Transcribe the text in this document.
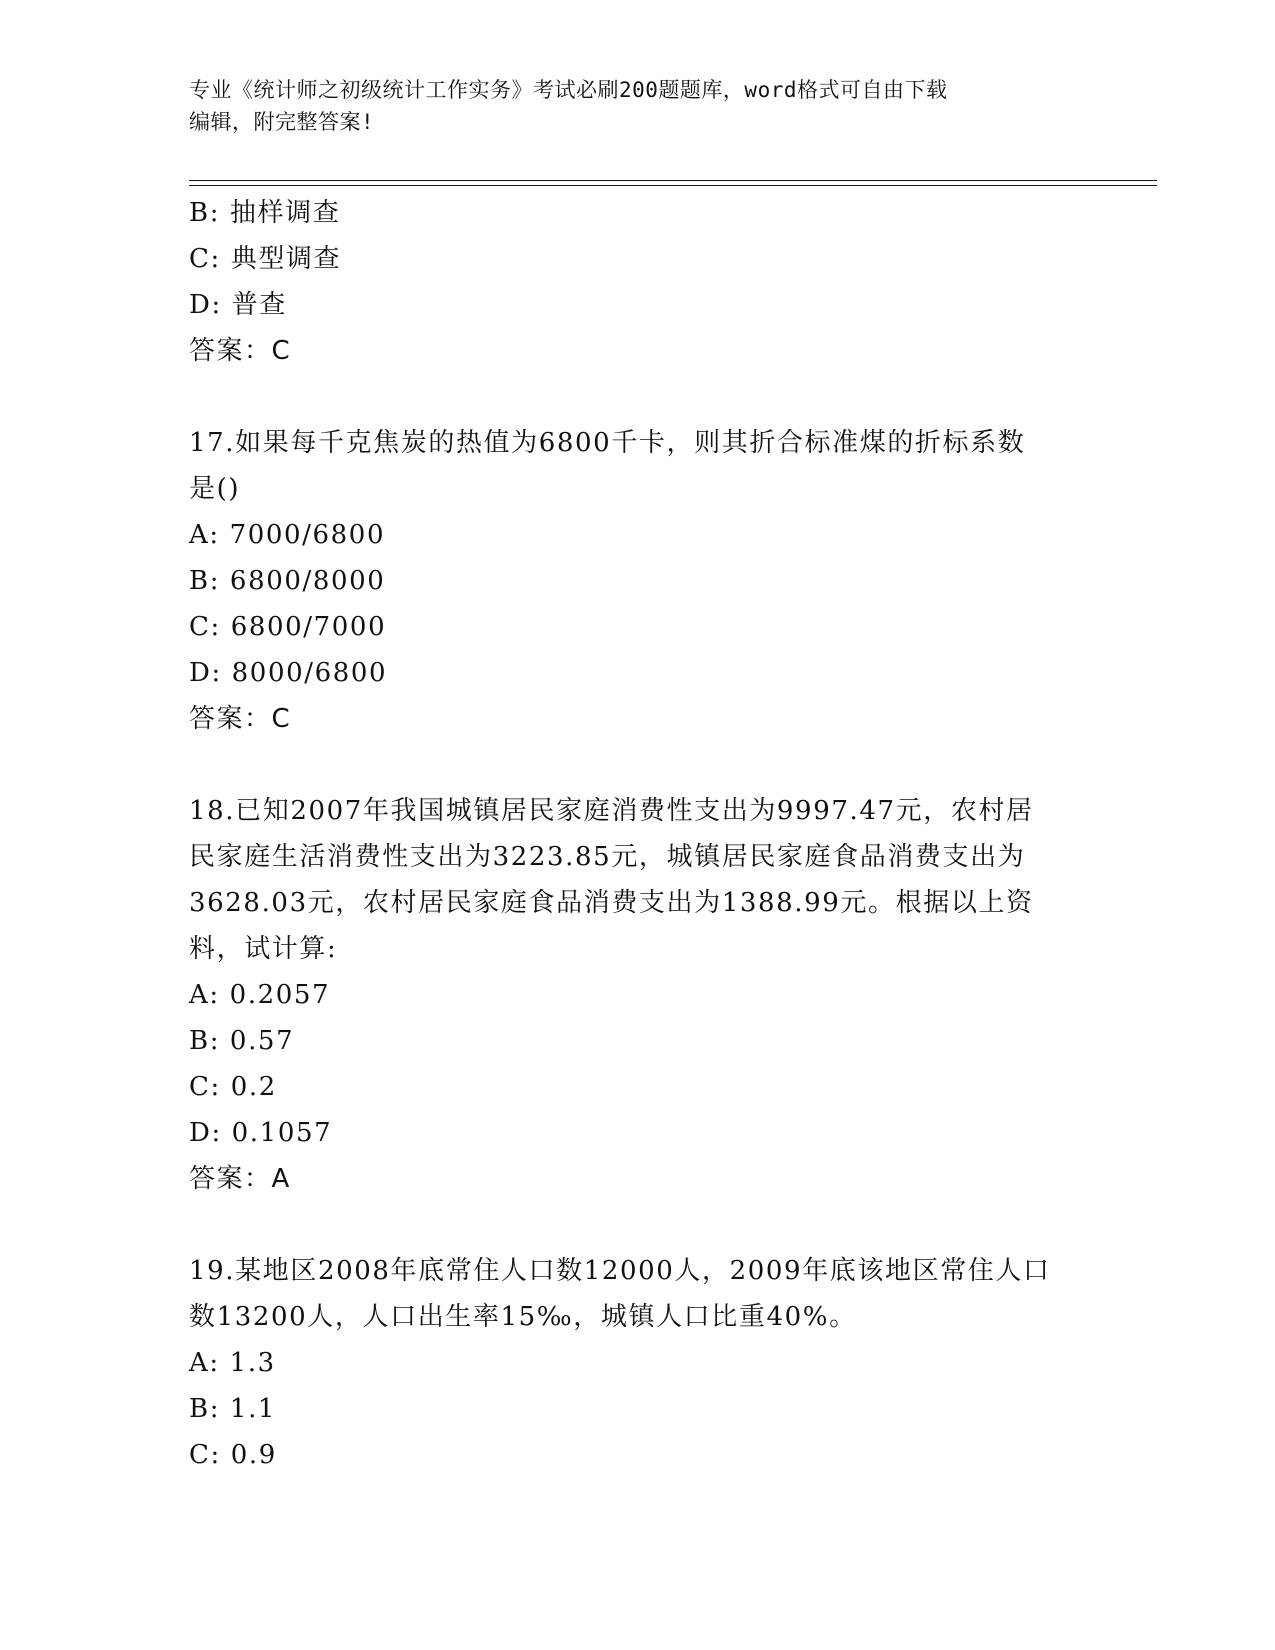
专业《统计师之初级统计工作实务》考试必刷200题题库，word格式可自由下载
编辑，附完整答案!
B: 抽样调查
C: 典型调查
D: 普查
答案：C
17.如果每千克焦炭的热值为6800千卡，则其折合标准煤的折标系数
是()
A: 7000/6800
B: 6800/8000
C: 6800/7000
D: 8000/6800
答案：C
18.已知2007年我国城镇居民家庭消费性支出为9997.47元，农村居
民家庭生活消费性支出为3223.85元，城镇居民家庭食品消费支出为
3628.03元，农村居民家庭食品消费支出为1388.99元。根据以上资
料，试计算:
A: 0.2057
B: 0.57
C: 0.2
D: 0.1057
答案：A
19.某地区2008年底常住人口数12000人，2009年底该地区常住人口
数13200人，人口出生率15‰，城镇人口比重40%。
A: 1.3
B: 1.1
C: 0.9
